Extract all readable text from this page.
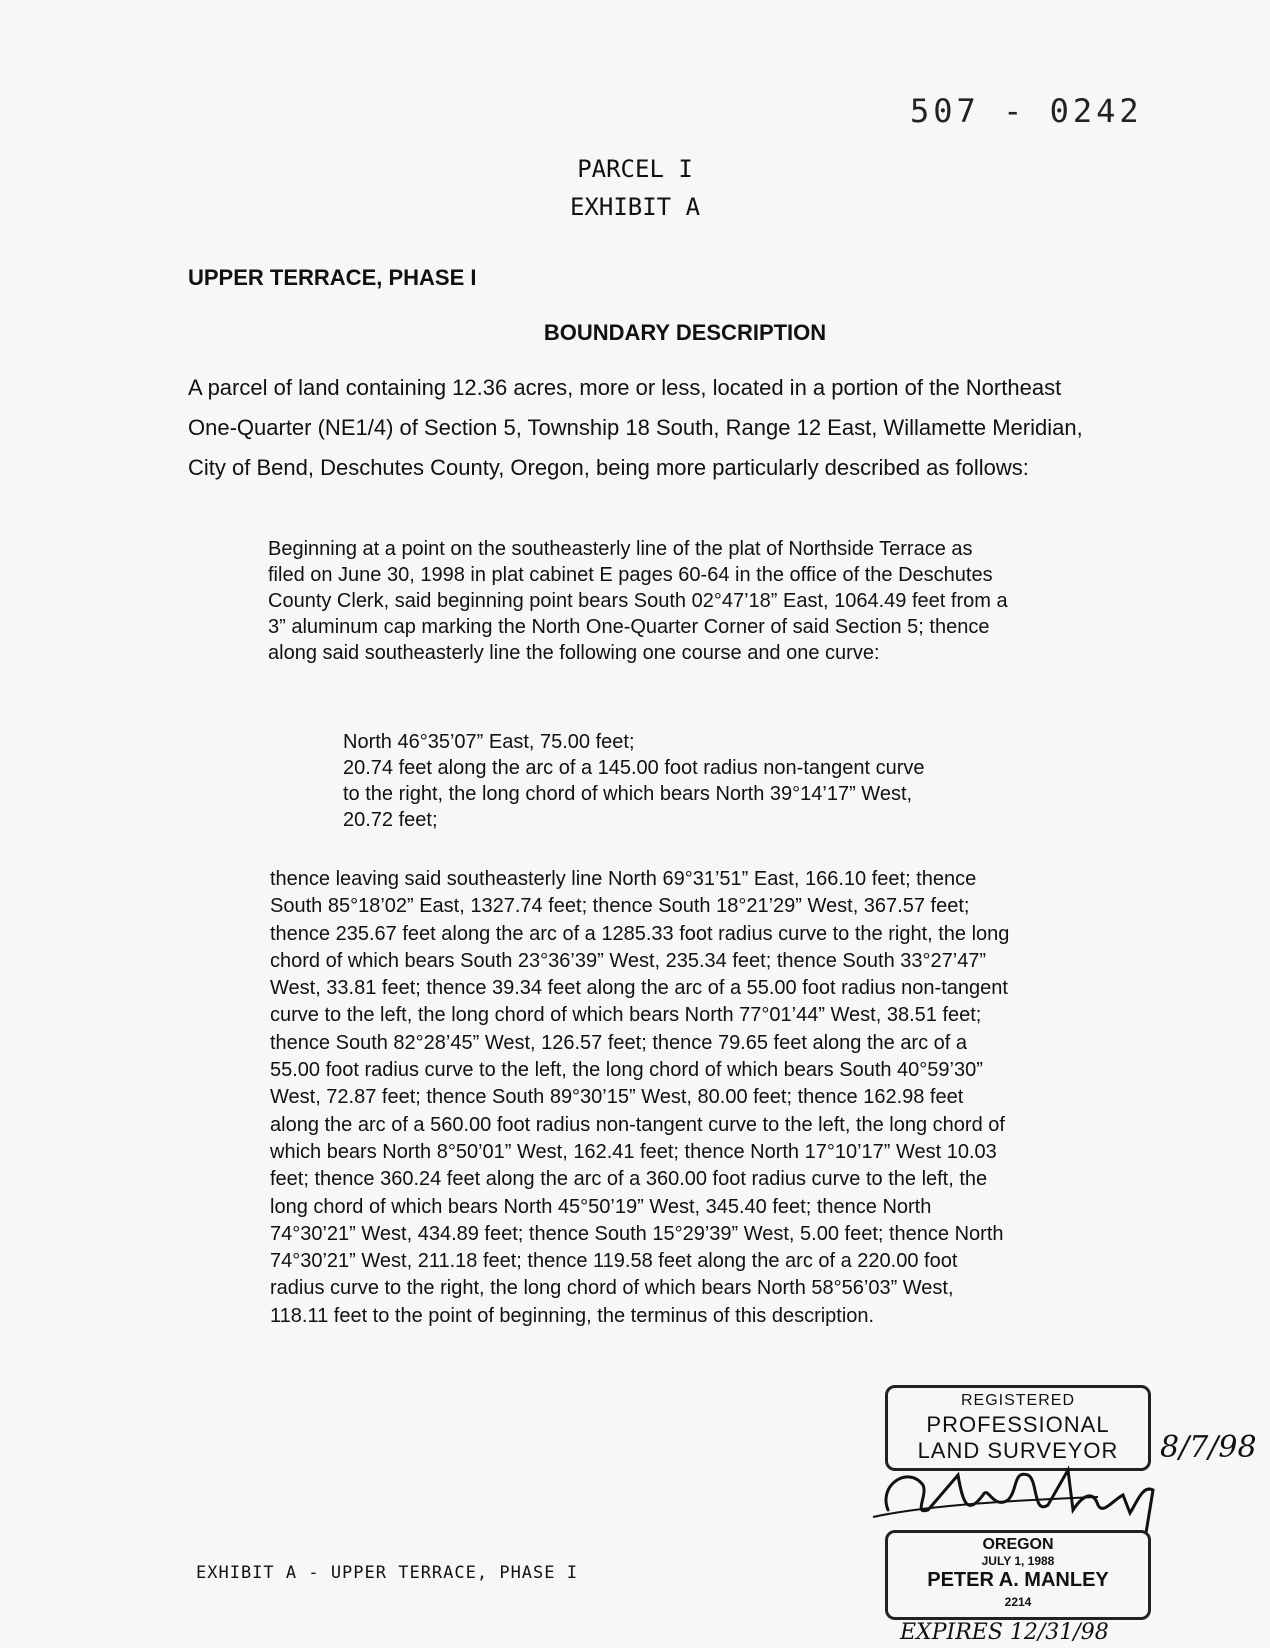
507 - 0242
PARCEL I
EXHIBIT A
UPPER TERRACE, PHASE I
BOUNDARY DESCRIPTION

A parcel of land containing 12.36 acres, more or less, located in a portion of the Northeast One-Quarter (NE1/4) of Section 5, Township 18 South, Range 12 East, Willamette Meridian, City of Bend, Deschutes County, Oregon, being more particularly described as follows:

Beginning at a point on the southeasterly line of the plat of Northside Terrace as filed on June 30, 1998 in plat cabinet E pages 60-64 in the office of the Deschutes County Clerk, said beginning point bears South 02°47’18” East, 1064.49 feet from a 3” aluminum cap marking the North One-Quarter Corner of said Section 5; thence along said southeasterly line the following one course and one curve:

North 46°35’07” East, 75.00 feet;
20.74 feet along the arc of a 145.00 foot radius non-tangent curve to the right, the long chord of which bears North 39°14’17” West, 20.72 feet;

thence leaving said southeasterly line North 69°31’51” East, 166.10 feet; thence South 85°18’02” East, 1327.74 feet; thence South 18°21’29” West, 367.57 feet; thence 235.67 feet along the arc of a 1285.33 foot radius curve to the right, the long chord of which bears South 23°36’39” West, 235.34 feet; thence South 33°27’47” West, 33.81 feet; thence 39.34 feet along the arc of a 55.00 foot radius non-tangent curve to the left, the long chord of which bears North 77°01’44” West, 38.51 feet; thence South 82°28’45” West, 126.57 feet; thence 79.65 feet along the arc of a 55.00 foot radius curve to the left, the long chord of which bears South 40°59’30” West, 72.87 feet; thence South 89°30’15” West, 80.00 feet; thence 162.98 feet along the arc of a 560.00 foot radius non-tangent curve to the left, the long chord of which bears North 8°50’01” West, 162.41 feet; thence North 17°10’17” West 10.03 feet; thence 360.24 feet along the arc of a 360.00 foot radius curve to the left, the long chord of which bears North 45°50’19” West, 345.40 feet; thence North 74°30’21” West, 434.89 feet; thence South 15°29’39” West, 5.00 feet; thence North 74°30’21” West, 211.18 feet; thence 119.58 feet along the arc of a 220.00 foot radius curve to the right, the long chord of which bears North 58°56’03” West, 118.11 feet to the point of beginning, the terminus of this description.

EXHIBIT A - UPPER TERRACE, PHASE I
REGISTERED
PROFESSIONAL
LAND SURVEYOR
OREGON
JULY 1, 1988
PETER A. MANLEY
2214
8/7/98
EXPIRES 12/31/98
